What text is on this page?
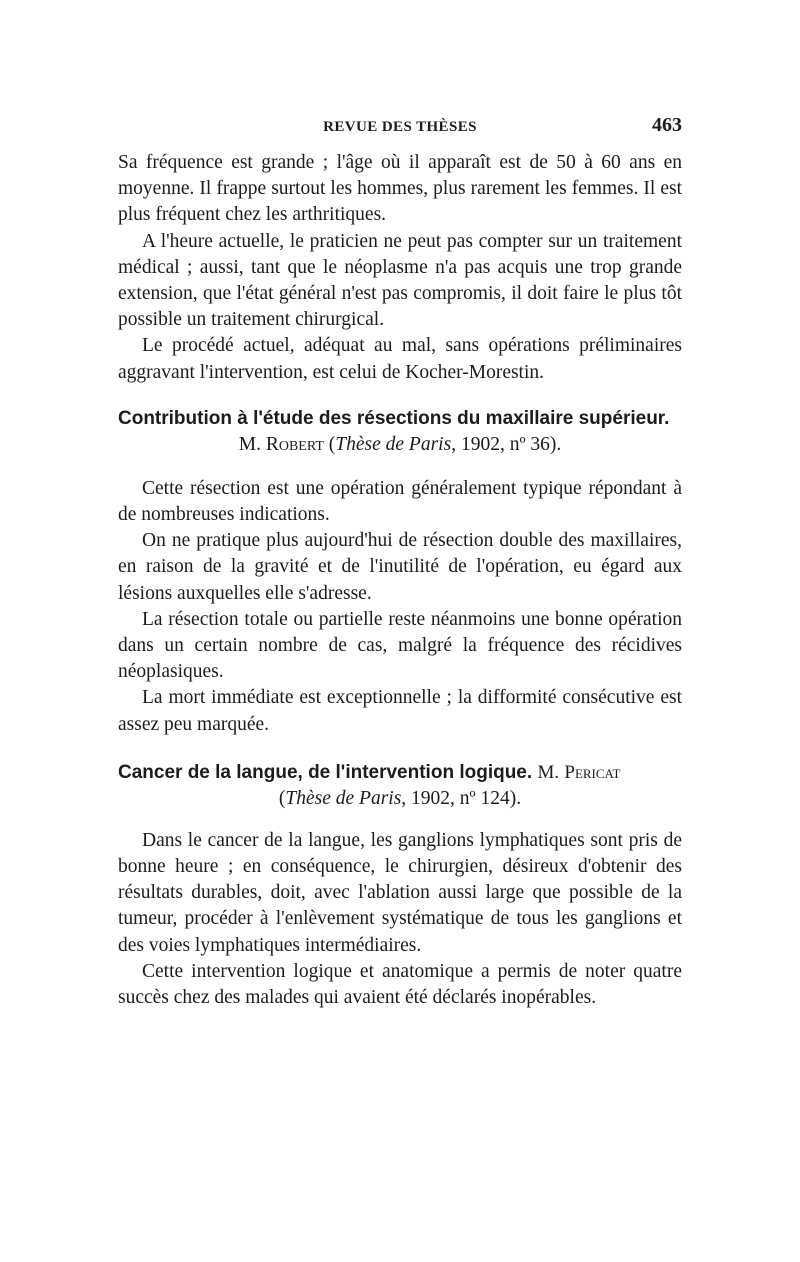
REVUE DES THÈSES	463

Sa fréquence est grande ; l'âge où il apparaît est de 50 à 60 ans en moyenne. Il frappe surtout les hommes, plus rarement les femmes. Il est plus fréquent chez les arthritiques.

A l'heure actuelle, le praticien ne peut pas compter sur un traitement médical ; aussi, tant que le néoplasme n'a pas acquis une trop grande extension, que l'état général n'est pas compromis, il doit faire le plus tôt possible un traitement chirurgical.

Le procédé actuel, adéquat au mal, sans opérations préliminaires aggravant l'intervention, est celui de Kocher-Morestin.

Contribution à l'étude des résections du maxillaire supérieur.
M. Robert (Thèse de Paris, 1902, nº 36).

Cette résection est une opération généralement typique répondant à de nombreuses indications.

On ne pratique plus aujourd'hui de résection double des maxillaires, en raison de la gravité et de l'inutilité de l'opération, eu égard aux lésions auxquelles elle s'adresse.

La résection totale ou partielle reste néanmoins une bonne opération dans un certain nombre de cas, malgré la fréquence des récidives néoplasiques.

La mort immédiate est exceptionnelle ; la difformité consécutive est assez peu marquée.

Cancer de la langue, de l'intervention logique. M. Pericat
(Thèse de Paris, 1902, nº 124).

Dans le cancer de la langue, les ganglions lymphatiques sont pris de bonne heure ; en conséquence, le chirurgien, désireux d'obtenir des résultats durables, doit, avec l'ablation aussi large que possible de la tumeur, procéder à l'enlèvement systématique de tous les ganglions et des voies lymphatiques intermédiaires.

Cette intervention logique et anatomique a permis de noter quatre succès chez des malades qui avaient été déclarés inopérables.
